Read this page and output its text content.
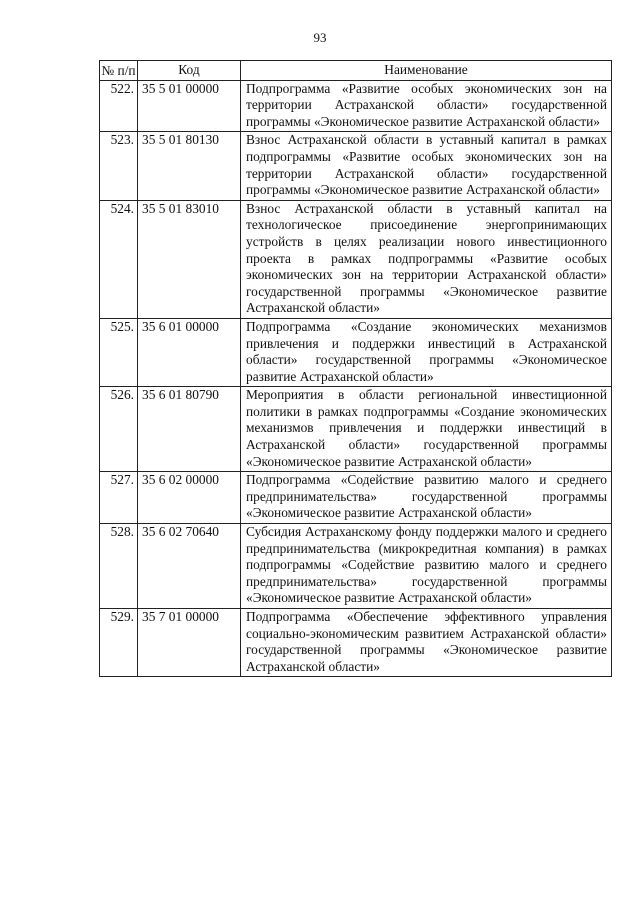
93
№ п/п	Код	Наименование
522.	35 5 01 00000	Подпрограмма «Развитие особых экономических зон на территории Астраханской области» государственной программы «Экономическое развитие Астраханской области»
523.	35 5 01 80130	Взнос Астраханской области в уставный капитал в рамках подпрограммы «Развитие особых экономических зон на территории Астраханской области» государственной программы «Экономическое развитие Астраханской области»
524.	35 5 01 83010	Взнос Астраханской области в уставный капитал на технологическое присоединение энергопринимающих устройств в целях реализации нового инвестиционного проекта в рамках подпрограммы «Развитие особых экономических зон на территории Астраханской области» государственной программы «Экономическое развитие Астраханской области»
525.	35 6 01 00000	Подпрограмма «Создание экономических механизмов привлечения и поддержки инвестиций в Астраханской области» государственной программы «Экономическое развитие Астраханской области»
526.	35 6 01 80790	Мероприятия в области региональной инвестиционной политики в рамках подпрограммы «Создание экономических механизмов привлечения и поддержки инвестиций в Астраханской области» государственной программы «Экономическое развитие Астраханской области»
527.	35 6 02 00000	Подпрограмма «Содействие развитию малого и среднего предпринимательства» государственной программы «Экономическое развитие Астраханской области»
528.	35 6 02 70640	Субсидия Астраханскому фонду поддержки малого и среднего предпринимательства (микрокредитная компания) в рамках подпрограммы «Содействие развитию малого и среднего предпринимательства» государственной программы «Экономическое развитие Астраханской области»
529.	35 7 01 00000	Подпрограмма «Обеспечение эффективного управления социально-экономическим развитием Астраханской области» государственной программы «Экономическое развитие Астраханской области»
